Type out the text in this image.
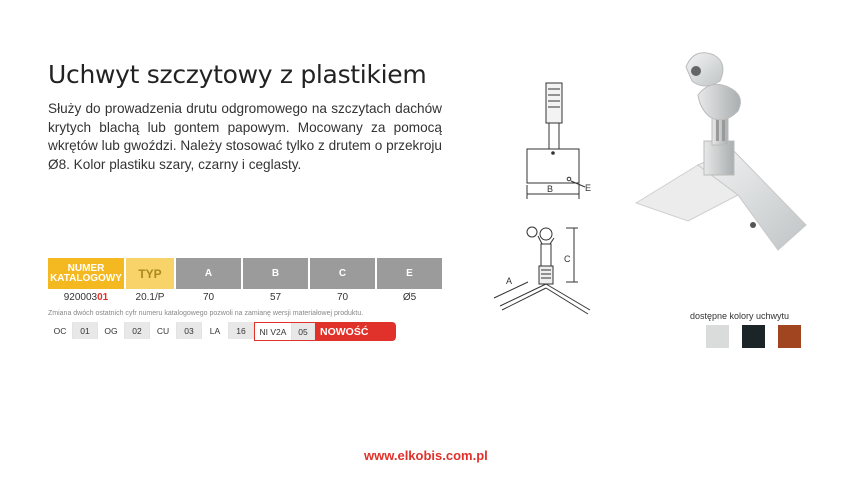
Uchwyt szczytowy z plastikiem
Służy do prowadzenia drutu odgromowego na szczytach dachów krytych blachą lub gontem papowym. Mocowany za pomocą wkrętów lub gwoździ. Należy stosować tylko z drutem o przekroju Ø8. Kolor plastiku szary, czarny i ceglasty.
NUMER KATALOGOWY	TYP	A	B	C	E
92000301	20.1/P	70	57	70	Ø5
Zmiana dwóch ostatnich cyfr numeru katalogowego pozwoli na zamianę wersji materiałowej produktu.
OC	01	OG	02	CU	03	LA	16	NI V2A	05	NOWOŚĆ
B	E
C
A
dostępne kolory uchwytu
www.elkobis.com.pl
